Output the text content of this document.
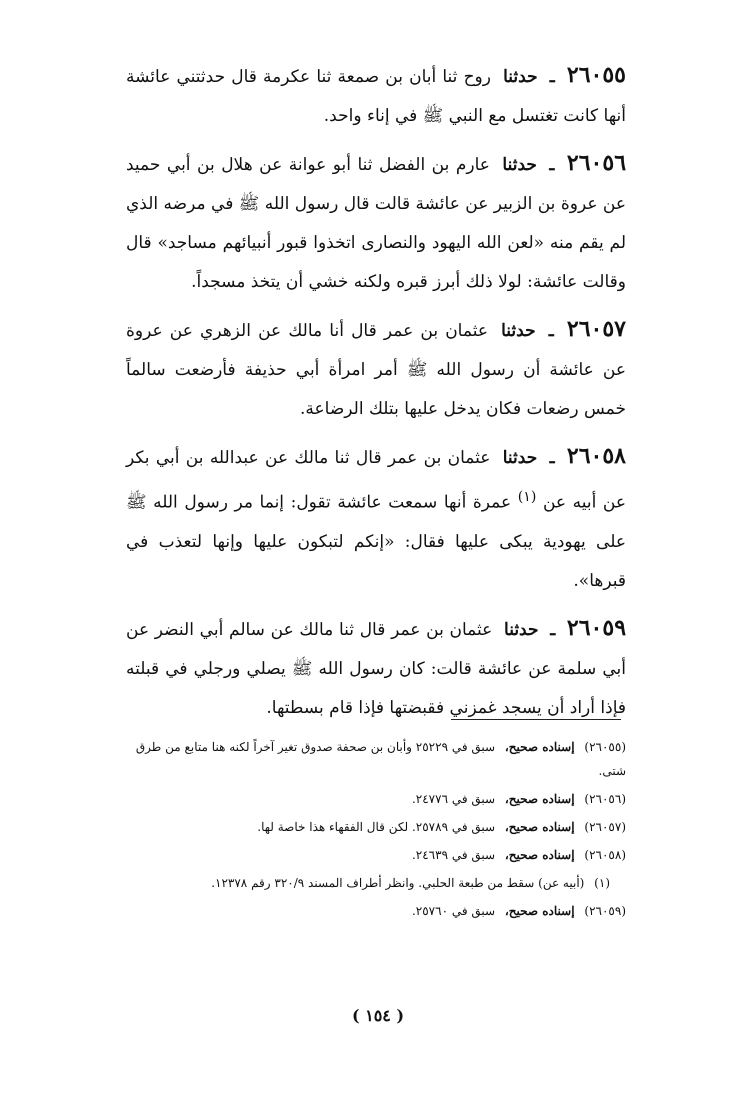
٢٦٠٥٥ ـ حدثنا روح ثنا أبان بن صمعة ثنا عكرمة قال حدثتني عائشة أنها كانت تغتسل مع النبي ﷺ في إناء واحد.

٢٦٠٥٦ ـ حدثنا عارم بن الفضل ثنا أبو عوانة عن هلال بن أبي حميد عن عروة بن الزبير عن عائشة قالت قال رسول الله ﷺ في مرضه الذي لم يقم منه «لعن الله اليهود والنصارى اتخذوا قبور أنبيائهم مساجد» قال وقالت عائشة: لولا ذلك أبرز قبره ولكنه خشي أن يتخذ مسجداً.

٢٦٠٥٧ ـ حدثنا عثمان بن عمر قال أنا مالك عن الزهري عن عروة عن عائشة أن رسول الله ﷺ أمر امرأة أبي حذيفة فأرضعت سالماً خمس رضعات فكان يدخل عليها بتلك الرضاعة.

٢٦٠٥٨ ـ حدثنا عثمان بن عمر قال ثنا مالك عن عبدالله بن أبي بكر عن أبيه عن $^{(١)}$ عمرة أنها سمعت عائشة تقول: إنما مر رسول الله ﷺ على يهودية يبكى عليها فقال: «إنكم لتبكون عليها وإنها لتعذب في قبرها».

٢٦٠٥٩ ـ حدثنا عثمان بن عمر قال ثنا مالك عن سالم أبي النضر عن أبي سلمة عن عائشة قالت: كان رسول الله ﷺ يصلي ورجلي في قبلته فإذا أراد أن يسجد غمزني فقبضتها فإذا قام بسطتها.

(٢٦٠٥٥) إسناده صحيح، سبق في ٢٥٢٢٩ وأبان بن صحفة صدوق تغير آخراً لكنه هنا متابع من طرق شتى.

(٢٦٠٥٦) إسناده صحيح، سبق في ٢٤٧٧٦.

(٢٦٠٥٧) إسناده صحيح، سبق في ٢٥٧٨٩. لكن قال الفقهاء هذا خاصة لها.

(٢٦٠٥٨) إسناده صحيح، سبق في ٢٤٦٣٩.

(١) (أبيه عن) سقط من طبعة الحلبي. وانظر أطراف المسند ٣٢٠/٩ رقم ١٢٣٧٨.

(٢٦٠٥٩) إسناده صحيح، سبق في ٢٥٧٦٠.

( ١٥٤ )
